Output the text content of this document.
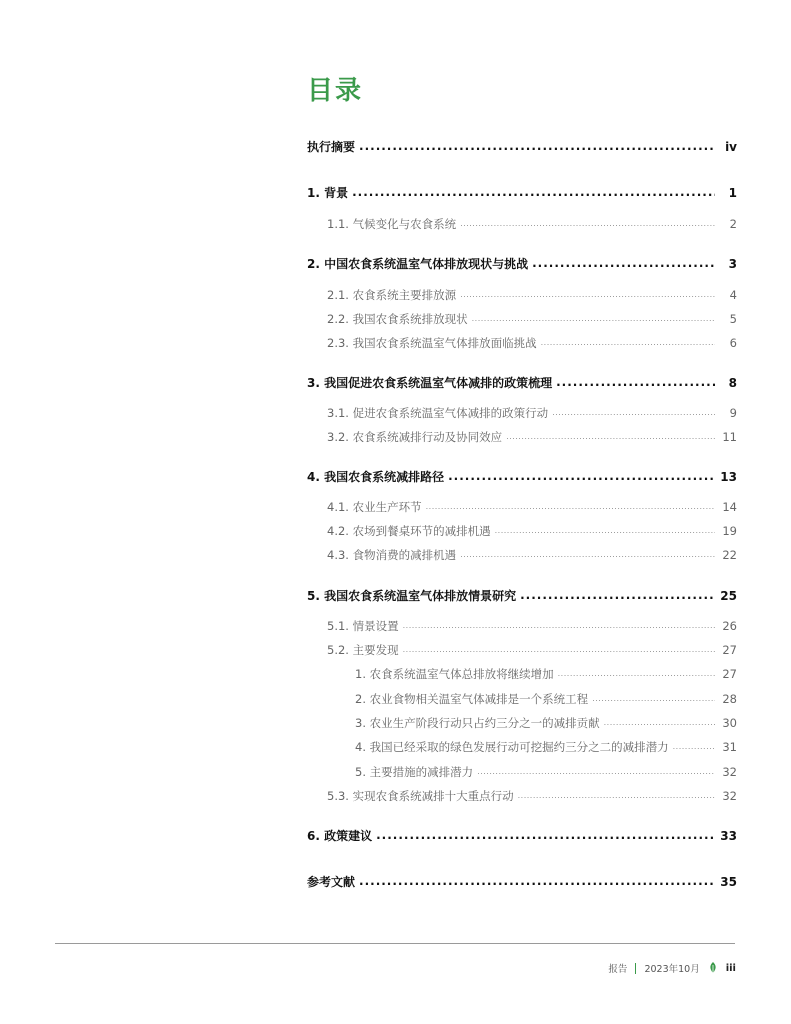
目录
执行摘要 .....	iv
1. 背景 .....	1
1.1. 气候变化与农食系统 .....	2
2. 中国农食系统温室气体排放现状与挑战 .....	3
2.1. 农食系统主要排放源 .....	4
2.2. 我国农食系统排放现状 .....	5
2.3. 我国农食系统温室气体排放面临挑战 .....	6
3. 我国促进农食系统温室气体减排的政策梳理 .....	8
3.1. 促进农食系统温室气体减排的政策行动 .....	9
3.2. 农食系统减排行动及协同效应 .....	11
4. 我国农食系统减排路径 .....	13
4.1. 农业生产环节 .....	14
4.2. 农场到餐桌环节的减排机遇 .....	19
4.3. 食物消费的减排机遇 .....	22
5. 我国农食系统温室气体排放情景研究 .....	25
5.1. 情景设置 .....	26
5.2. 主要发现 .....	27
1. 农食系统温室气体总排放将继续增加 .....	27
2. 农业食物相关温室气体减排是一个系统工程 .....	28
3. 农业生产阶段行动只占约三分之一的减排贡献 .....	30
4. 我国已经采取的绿色发展行动可挖掘约三分之二的减排潜力 .....	31
5. 主要措施的减排潜力 .....	32
5.3. 实现农食系统减排十大重点行动 .....	32
6. 政策建议 .....	33
参考文献 .....	35
报告 2023年10月	iii
